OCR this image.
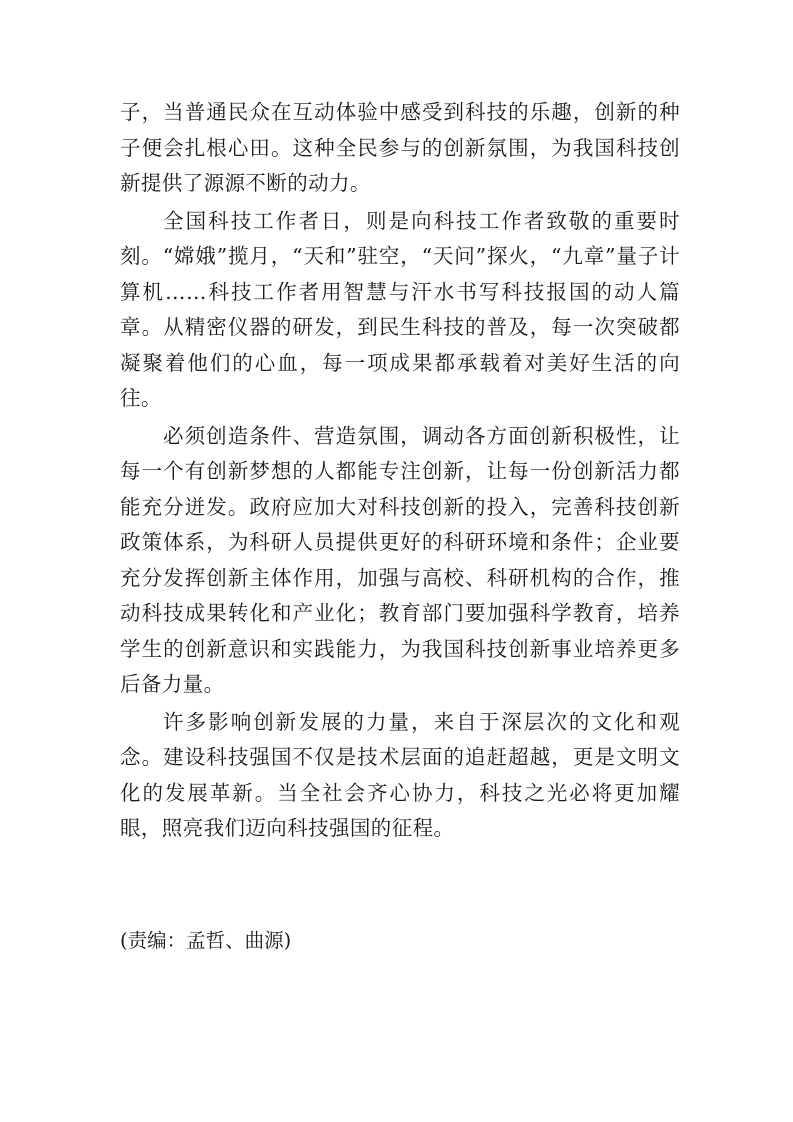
子，当普通民众在互动体验中感受到科技的乐趣，创新的种子便会扎根心田。这种全民参与的创新氛围，为我国科技创新提供了源源不断的动力。

全国科技工作者日，则是向科技工作者致敬的重要时刻。“嫦娥”揽月，“天和”驻空，“天问”探火，“九章”量子计算机……科技工作者用智慧与汗水书写科技报国的动人篇章。从精密仪器的研发，到民生科技的普及，每一次突破都凝聚着他们的心血，每一项成果都承载着对美好生活的向往。

必须创造条件、营造氛围，调动各方面创新积极性，让每一个有创新梦想的人都能专注创新，让每一份创新活力都能充分迸发。政府应加大对科技创新的投入，完善科技创新政策体系，为科研人员提供更好的科研环境和条件；企业要充分发挥创新主体作用，加强与高校、科研机构的合作，推动科技成果转化和产业化；教育部门要加强科学教育，培养学生的创新意识和实践能力，为我国科技创新事业培养更多后备力量。

许多影响创新发展的力量，来自于深层次的文化和观念。建设科技强国不仅是技术层面的追赶超越，更是文明文化的发展革新。当全社会齐心协力，科技之光必将更加耀眼，照亮我们迈向科技强国的征程。

(责编：孟哲、曲源)
